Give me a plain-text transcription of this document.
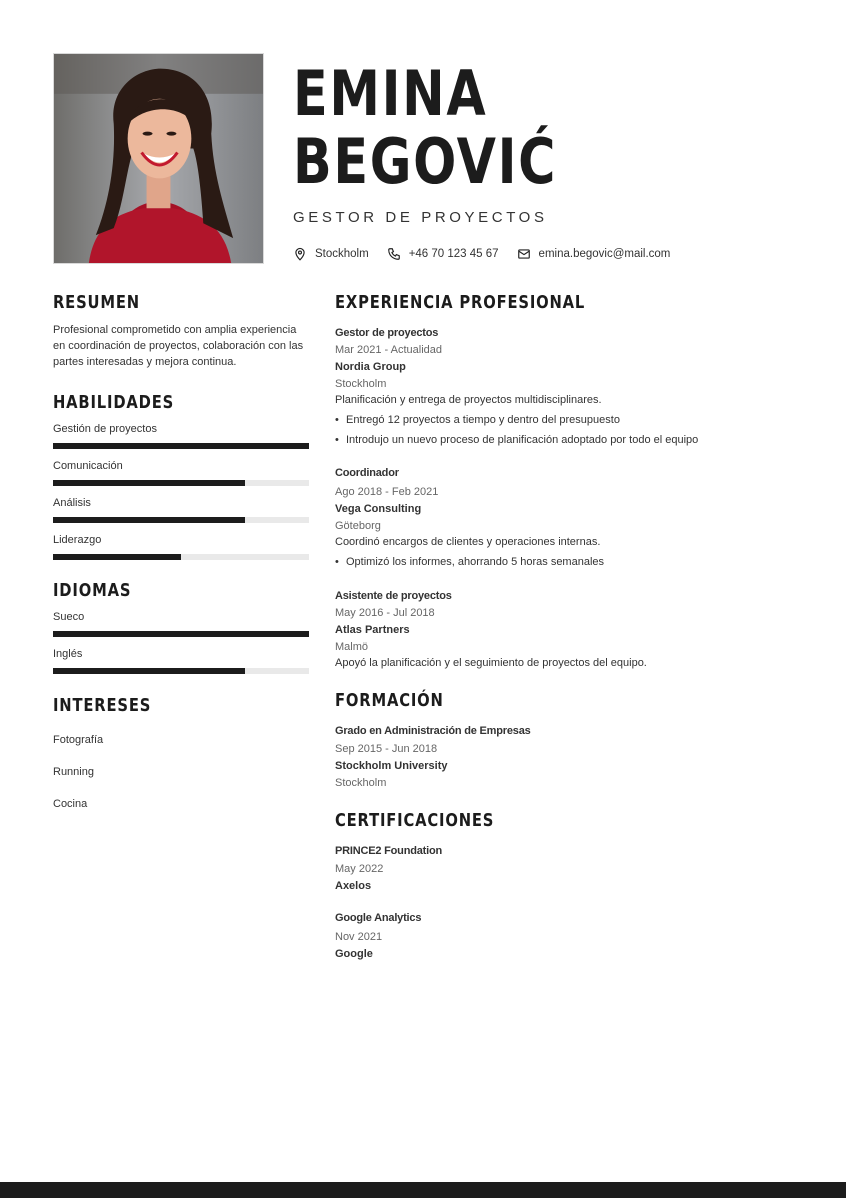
EMINA
BEGOVIĆ
GESTOR DE PROYECTOS
Stockholm	+46 70 123 45 67	emina.begovic@mail.com
RESUMEN

Profesional comprometido con amplia experiencia en coordinación de proyectos, colaboración con las partes interesadas y mejora continua.

HABILIDADES
Gestión de proyectos
Comunicación
Análisis
Liderazgo
IDIOMAS
Sueco
Inglés
INTERESES
Fotografía
Running
Cocina
EXPERIENCIA PROFESIONAL
Gestor de proyectos
Mar 2021 - Actualidad
Nordia Group
Stockholm
Planificación y entrega de proyectos multidisciplinares.
• Entregó 12 proyectos a tiempo y dentro del presupuesto
• Introdujo un nuevo proceso de planificación adoptado por todo el equipo
Coordinador
Ago 2018 - Feb 2021
Vega Consulting
Göteborg
Coordinó encargos de clientes y operaciones internas.
• Optimizó los informes, ahorrando 5 horas semanales
Asistente de proyectos
May 2016 - Jul 2018
Atlas Partners
Malmö
Apoyó la planificación y el seguimiento de proyectos del equipo.
FORMACIÓN
Grado en Administración de Empresas
Sep 2015 - Jun 2018
Stockholm University
Stockholm
CERTIFICACIONES
PRINCE2 Foundation
May 2022
Axelos
Google Analytics
Nov 2021
Google
